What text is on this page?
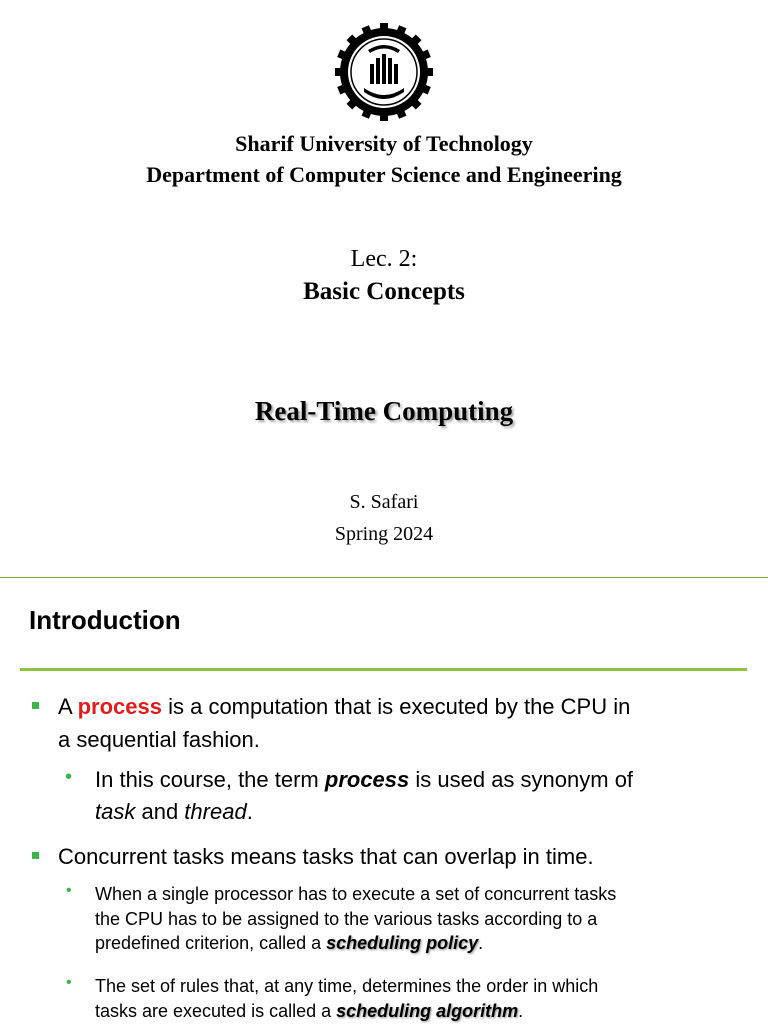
Sharif University of Technology
Department of Computer Science and Engineering
Lec. 2:
Basic Concepts
Real-Time Computing
S. Safari
Spring 2024
Introduction
A process is a computation that is executed by the CPU in
a sequential fashion.
• In this course, the term process is used as synonym of
task and thread.
Concurrent tasks means tasks that can overlap in time.
• When a single processor has to execute a set of concurrent tasks
the CPU has to be assigned to the various tasks according to a
predefined criterion, called a scheduling policy.
• The set of rules that, at any time, determines the order in which
tasks are executed is called a scheduling algorithm.
